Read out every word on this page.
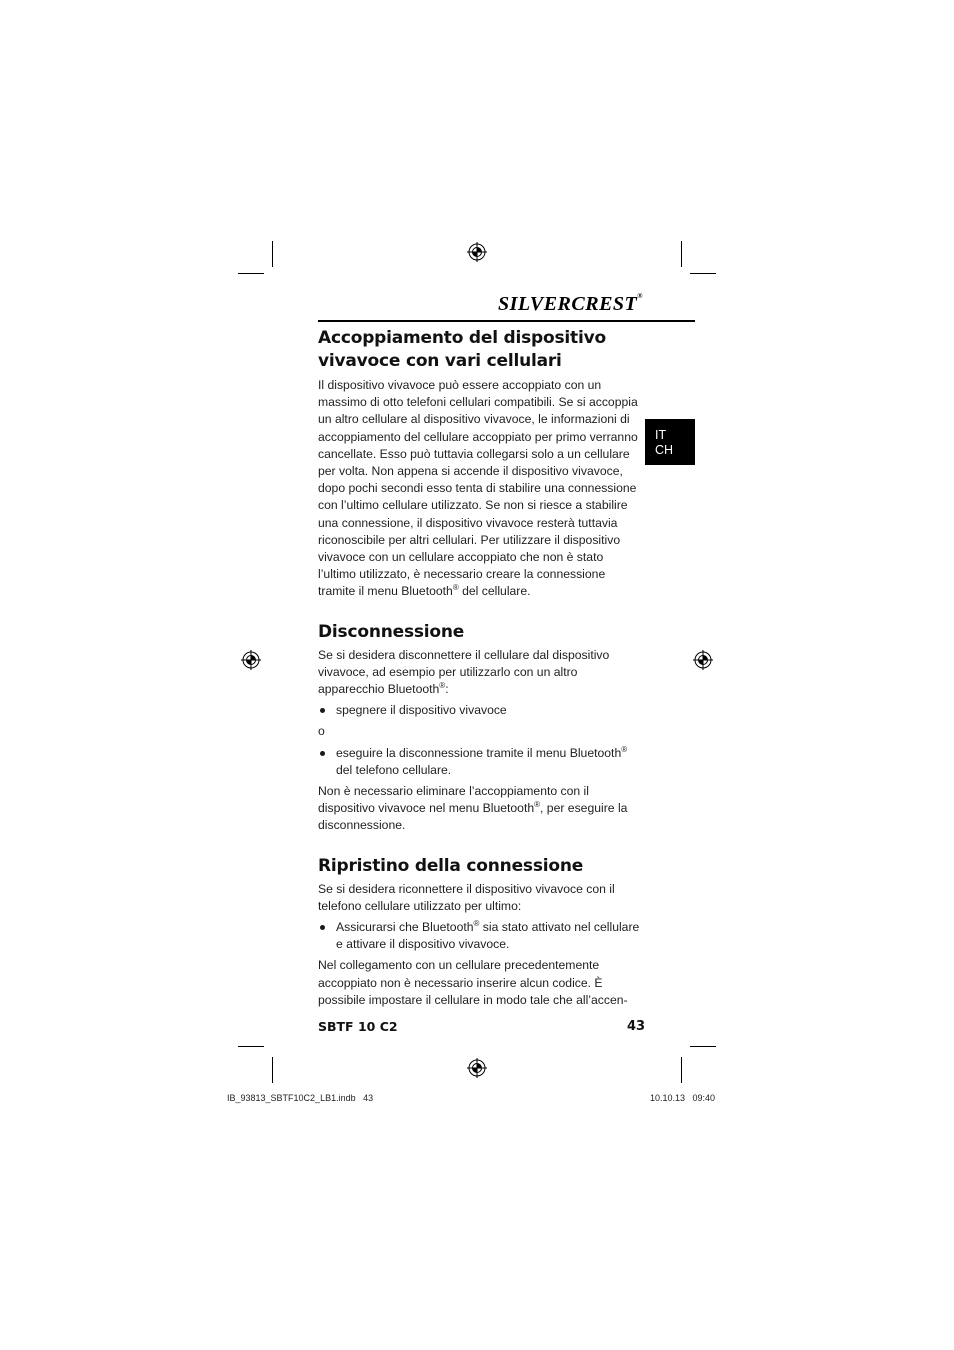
SILVERCREST®
IT
CH
Accoppiamento del dispositivo vivavoce con vari cellulari

Il dispositivo vivavoce può essere accoppiato con un massimo di otto telefoni cellulari compatibili. Se si accoppia un altro cellulare al dispositivo vivavoce, le informazioni di accoppiamento del cellulare accoppiato per primo verranno cancellate. Esso può tuttavia collegarsi solo a un cellulare per volta. Non appena si accende il dispositivo vivavoce, dopo pochi secondi esso tenta di stabilire una connessione con l’ultimo cellulare utilizzato. Se non si riesce a stabilire una connessione, il dispositivo vivavoce resterà tuttavia riconoscibile per altri cellulari. Per utilizzare il dispositivo vivavoce con un cellulare accoppiato che non è stato l’ultimo utilizzato, è necessario creare la connessione tramite il menu Bluetooth® del cellulare.

Disconnessione

Se si desidera disconnettere il cellulare dal dispositivo vivavoce, ad esempio per utilizzarlo con un altro apparecchio Bluetooth®:

spegnere il dispositivo vivavoce

o

eseguire la disconnessione tramite il menu Bluetooth® del telefono cellulare.

Non è necessario eliminare l’accoppiamento con il dispositivo vivavoce nel menu Bluetooth®, per eseguire la disconnessione.

Ripristino della connessione

Se si desidera riconnettere il dispositivo vivavoce con il telefono cellulare utilizzato per ultimo:

Assicurarsi che Bluetooth® sia stato attivato nel cellulare e attivare il dispositivo vivavoce.

Nel collegamento con un cellulare precedentemente accoppiato non è necessario inserire alcun codice. È possibile impostare il cellulare in modo tale che all’accen-

SBTF 10 C2	43
IB_93813_SBTF10C2_LB1.indb   43	10.10.13   09:40
